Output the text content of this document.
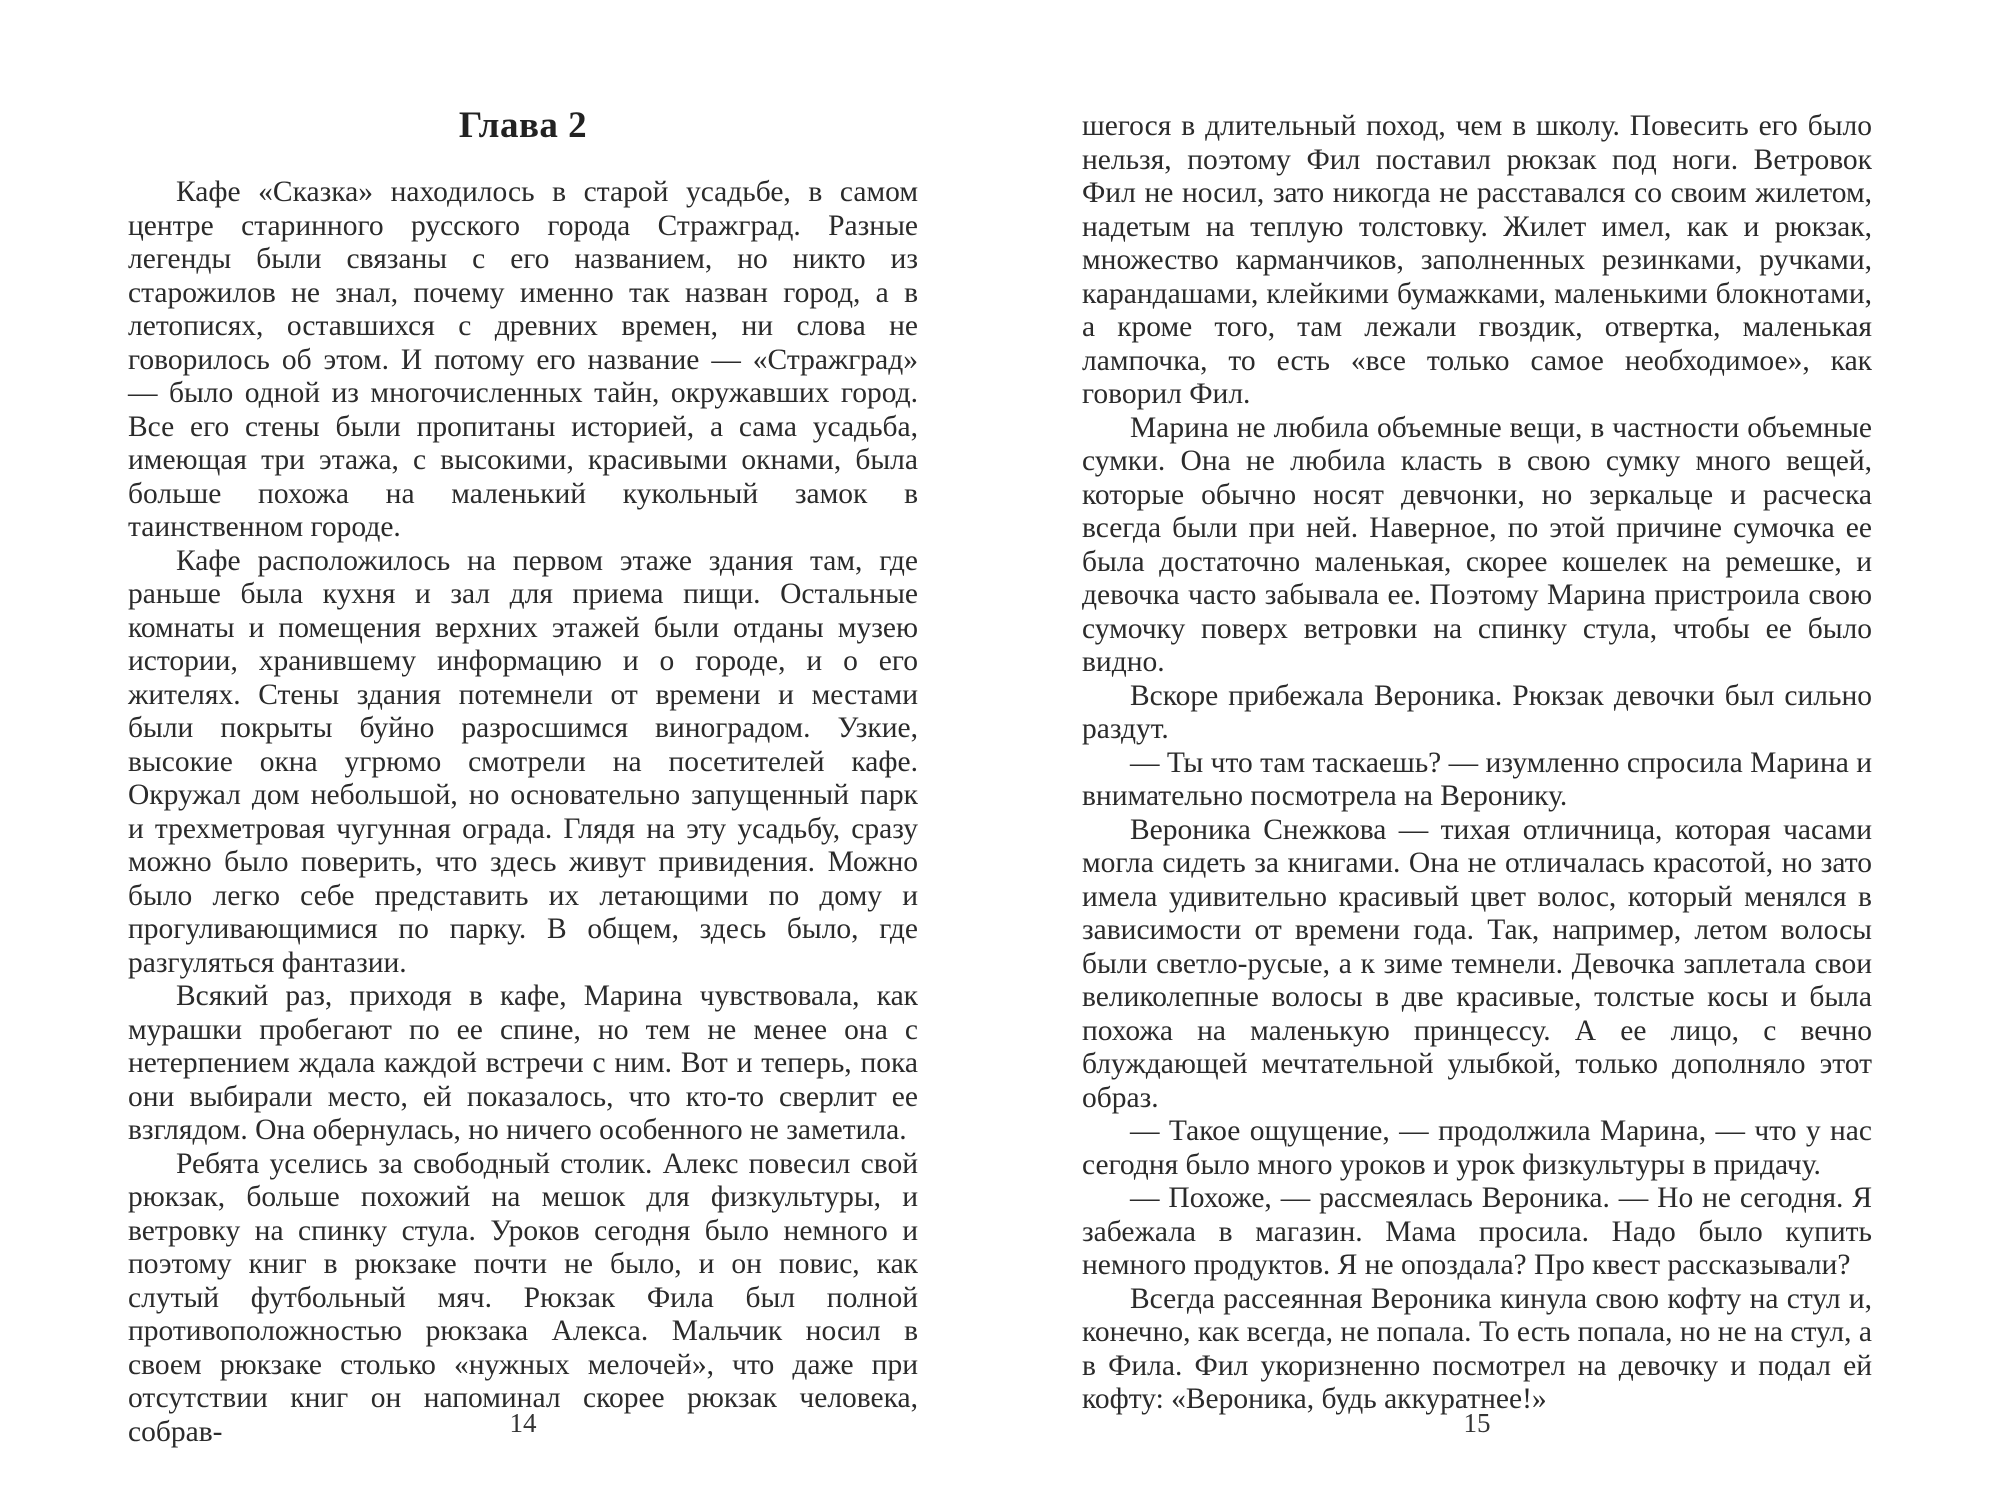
Глава 2

Кафе «Сказка» находилось в старой усадьбе, в самом центре старинного русского города Стражград. Разные легенды были связаны с его названием, но никто из старожилов не знал, почему именно так назван город, а в летописях, оставшихся с древних времен, ни слова не говорилось об этом. И потому его название — «Стражград» — было одной из многочисленных тайн, окружавших город. Все его стены были пропитаны историей, а сама усадьба, имеющая три этажа, с высокими, красивыми окнами, была больше похожа на маленький кукольный замок в таинственном городе.

Кафе расположилось на первом этаже здания там, где раньше была кухня и зал для приема пищи. Остальные комнаты и помещения верхних этажей были отданы музею истории, хранившему информацию и о городе, и о его жителях. Стены здания потемнели от времени и местами были покрыты буйно разросшимся виноградом. Узкие, высокие окна угрюмо смотрели на посетителей кафе. Окружал дом небольшой, но основательно запущенный парк и трехметровая чугунная ограда. Глядя на эту усадьбу, сразу можно было поверить, что здесь живут привидения. Можно было легко себе представить их летающими по дому и прогуливающимися по парку. В общем, здесь было, где разгуляться фантазии.

Всякий раз, приходя в кафе, Марина чувствовала, как мурашки пробегают по ее спине, но тем не менее она с нетерпением ждала каждой встречи с ним. Вот и теперь, пока они выбирали место, ей показалось, что кто-то сверлит ее взглядом. Она обернулась, но ничего особенного не заметила.

Ребята уселись за свободный столик. Алекс повесил свой рюкзак, больше похожий на мешок для физкультуры, и ветровку на спинку стула. Уроков сегодня было немного и поэтому книг в рюкзаке почти не было, и он повис, как слутый футбольный мяч. Рюкзак Фила был полной противоположностью рюкзака Алекса. Мальчик носил в своем рюкзаке столько «нужных мелочей», что даже при отсутствии книг он напоминал скорее рюкзак человека, собрав-	14

шегося в длительный поход, чем в школу. Повесить его было нельзя, поэтому Фил поставил рюкзак под ноги. Ветровок Фил не носил, зато никогда не расставался со своим жилетом, надетым на теплую толстовку. Жилет имел, как и рюкзак, множество карманчиков, заполненных резинками, ручками, карандашами, клейкими бумажками, маленькими блокнотами, а кроме того, там лежали гвоздик, отвертка, маленькая лампочка, то есть «все только самое необходимое», как говорил Фил.

Марина не любила объемные вещи, в частности объемные сумки. Она не любила класть в свою сумку много вещей, которые обычно носят девчонки, но зеркальце и расческа всегда были при ней. Наверное, по этой причине сумочка ее была достаточно маленькая, скорее кошелек на ремешке, и девочка часто забывала ее. Поэтому Марина пристроила свою сумочку поверх ветровки на спинку стула, чтобы ее было видно.

Вскоре прибежала Вероника. Рюкзак девочки был сильно раздут.

— Ты что там таскаешь? — изумленно спросила Марина и внимательно посмотрела на Веронику.

Вероника Снежкова — тихая отличница, которая часами могла сидеть за книгами. Она не отличалась красотой, но зато имела удивительно красивый цвет волос, который менялся в зависимости от времени года. Так, например, летом волосы были светло-русые, а к зиме темнели. Девочка заплетала свои великолепные волосы в две красивые, толстые косы и была похожа на маленькую принцессу. А ее лицо, с вечно блуждающей мечтательной улыбкой, только дополняло этот образ.

— Такое ощущение, — продолжила Марина, — что у нас сегодня было много уроков и урок физкультуры в придачу.

— Похоже, — рассмеялась Вероника. — Но не сегодня. Я забежала в магазин. Мама просила. Надо было купить немного продуктов. Я не опоздала? Про квест рассказывали?

Всегда рассеянная Вероника кинула свою кофту на стул и, конечно, как всегда, не попала. То есть попала, но не на стул, а в Фила. Фил укоризненно посмотрел на девочку и подал ей кофту: «Вероника, будь аккуратнее!»

15
